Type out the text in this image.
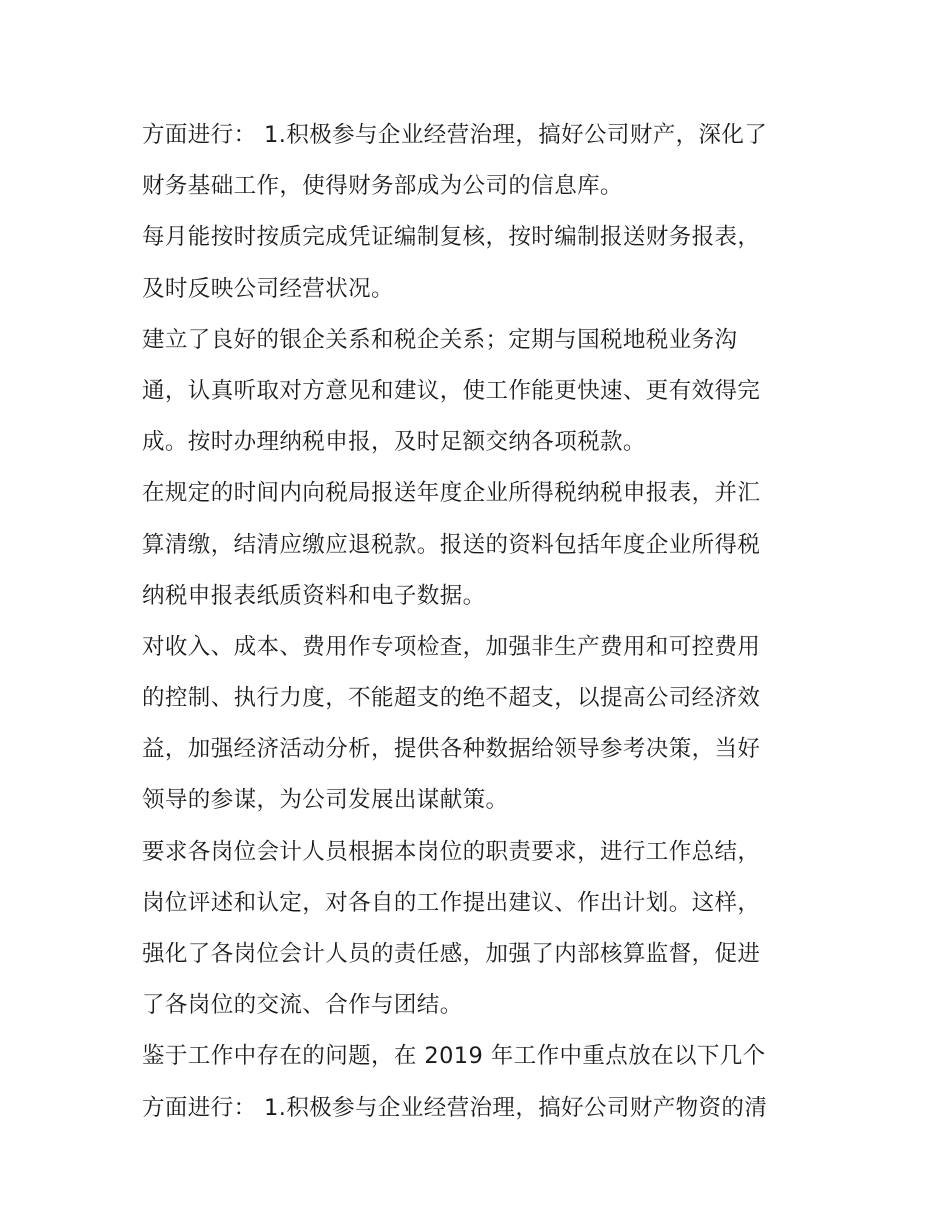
方面进行： 1.积极参与企业经营治理，搞好公司财产，深化了
财务基础工作，使得财务部成为公司的信息库。
每月能按时按质完成凭证编制复核，按时编制报送财务报表，
及时反映公司经营状况。
建立了良好的银企关系和税企关系；定期与国税地税业务沟
通，认真听取对方意见和建议，使工作能更快速、更有效得完
成。按时办理纳税申报，及时足额交纳各项税款。
在规定的时间内向税局报送年度企业所得税纳税申报表，并汇
算清缴，结清应缴应退税款。报送的资料包括年度企业所得税
纳税申报表纸质资料和电子数据。
对收入、成本、费用作专项检查，加强非生产费用和可控费用
的控制、执行力度，不能超支的绝不超支，以提高公司经济效
益，加强经济活动分析，提供各种数据给领导参考决策，当好
领导的参谋，为公司发展出谋献策。
要求各岗位会计人员根据本岗位的职责要求，进行工作总结，
岗位评述和认定，对各自的工作提出建议、作出计划。这样，
强化了各岗位会计人员的责任感，加强了内部核算监督，促进
了各岗位的交流、合作与团结。
鉴于工作中存在的问题，在 2019 年工作中重点放在以下几个
方面进行： 1.积极参与企业经营治理，搞好公司财产物资的清
